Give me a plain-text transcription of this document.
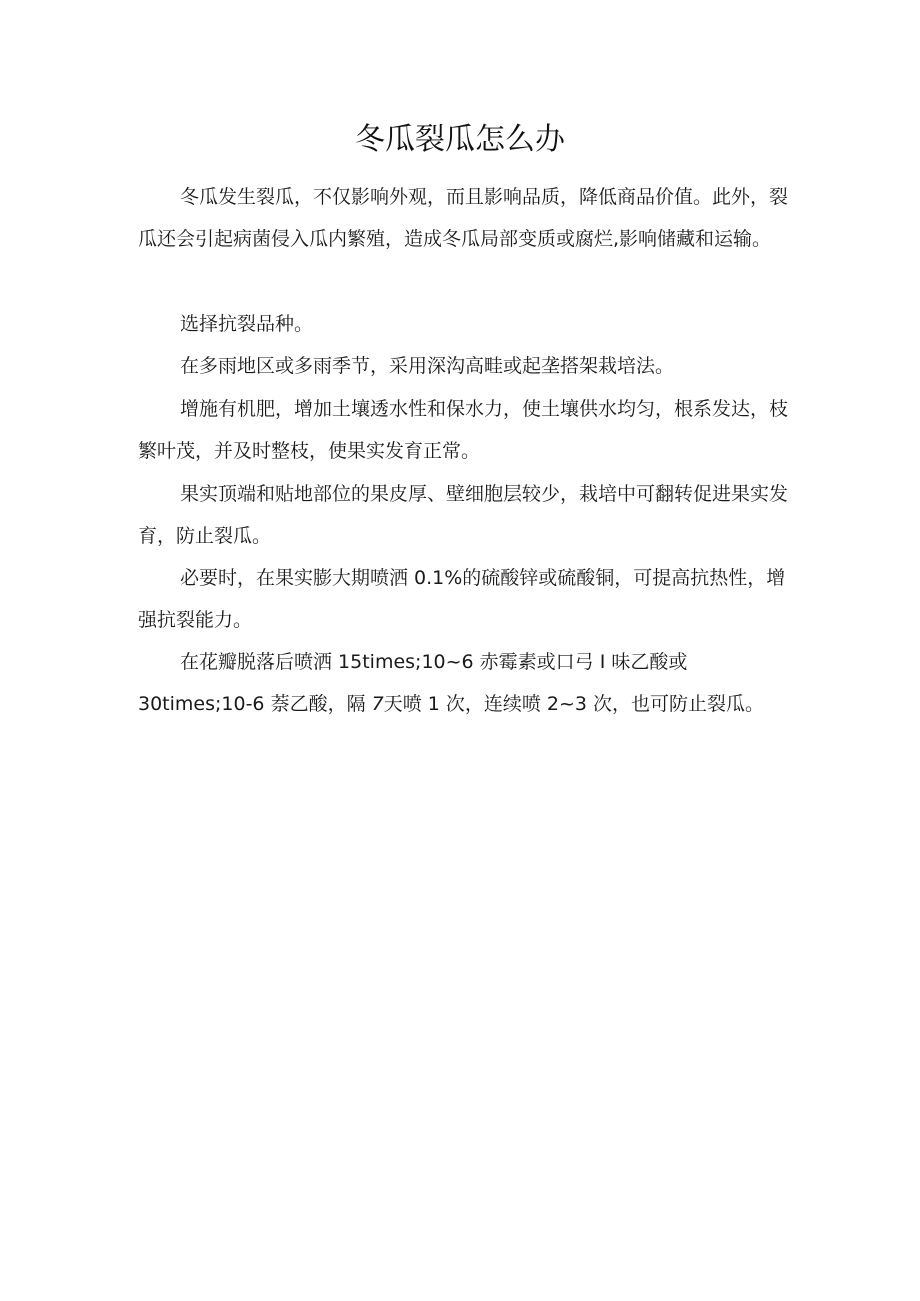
冬瓜裂瓜怎么办

冬瓜发生裂瓜，不仅影响外观，而且影响品质，降低商品价值。此外，裂瓜还会引起病菌侵入瓜内繁殖，造成冬瓜局部变质或腐烂,影响储藏和运输。

选择抗裂品种。

在多雨地区或多雨季节，采用深沟高畦或起垄搭架栽培法。

增施有机肥，增加土壤透水性和保水力，使土壤供水均匀，根系发达，枝繁叶茂，并及时整枝，使果实发育正常。

果实顶端和贴地部位的果皮厚、壁细胞层较少，栽培中可翻转促进果实发育，防止裂瓜。

必要时，在果实膨大期喷洒 0.1%的硫酸锌或硫酸铜，可提高抗热性，增强抗裂能力。

在花瓣脱落后喷洒 15times;10~6 赤霉素或口弓 I 味乙酸或
30times;10-6 萘乙酸，隔 7天喷 1 次，连续喷 2~3 次，也可防止裂瓜。
